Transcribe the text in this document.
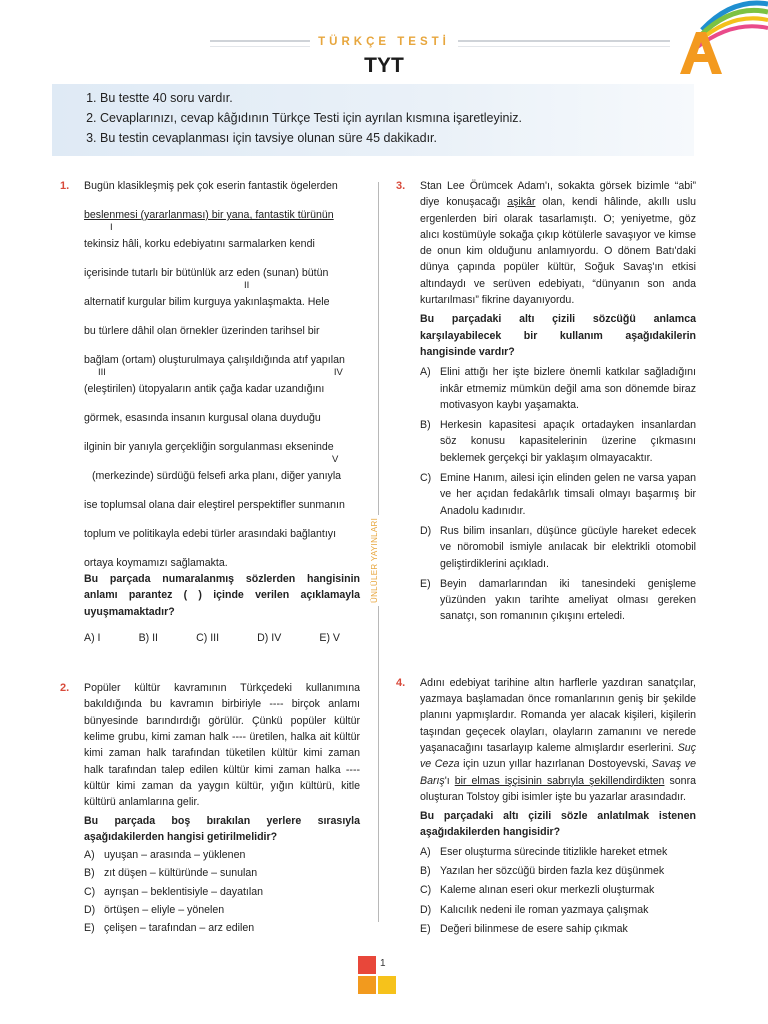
TÜRKÇE TESTİ
TYT
1. Bu testte 40 soru vardır.
2. Cevaplarınızı, cevap kâğıdının Türkçe Testi için ayrılan kısmına işaretleyiniz.
3. Bu testin cevaplanması için tavsiye olunan süre 45 dakikadır.
ÜNLÜLER YAYINLARI
1. Bugün klasikleşmiş pek çok eserin fantastik ögelerden
beslenmesi (yararlanması) bir yana, fantastik türünün
I
tekinsiz hâli, korku edebiyatını sarmalarken kendi
içerisinde tutarlı bir bütünlük arz eden (sunan) bütün
II
alternatif kurgular bilim kurguya yakınlaşmakta. Hele
bu türlere dâhil olan örnekler üzerinden tarihsel bir
bağlam (ortam) oluşturulmaya çalışıldığında atıf yapılan
III	IV
(eleştirilen) ütopyaların antik çağa kadar uzandığını
görmek, esasında insanın kurgusal olana duyduğu
ilginin bir yanıyla gerçekliğin sorgulanması ekseninde
V
(merkezinde) sürdüğü felsefi arka planı, diğer yanıyla
ise toplumsal olana dair eleştirel perspektifler sunmanın
toplum ve politikayla edebi türler arasındaki bağlantıyı
ortaya koymamızı sağlamakta.
Bu parçada numaralanmış sözlerden hangisinin anlamı parantez ( ) içinde verilen açıklamayla uyuşmamaktadır?
A) I	B) II	C) III	D) IV	E) V
2. Popüler kültür kavramının Türkçedeki kullanımına bakıldığında bu kavramın birbiriyle ---- birçok anlamı bünyesinde barındırdığı görülür. Çünkü popüler kültür kelime grubu, kimi zaman halk ---- üretilen, halka ait kültür kimi zaman halk tarafından tüketilen kültür kimi zaman halk tarafından talep edilen kültür kimi zaman halka ---- kültür kimi zaman da yaygın kültür, yığın kültürü, kitle kültürü anlamlarına gelir.
Bu parçada boş bırakılan yerlere sırasıyla aşağıdakilerden hangisi getirilmelidir?
A) uyuşan – arasında – yüklenen
B) zıt düşen – kültüründe – sunulan
C) ayrışan – beklentisiyle – dayatılan
D) örtüşen – eliyle – yönelen
E) çelişen – tarafından – arz edilen
3. Stan Lee Örümcek Adam'ı, sokakta görsek bizimle “abi” diye konuşacağı aşikâr olan, kendi hâlinde, akıllı uslu ergenlerden biri olarak tasarlamıştı. O; yeniyetme, göz alıcı kostümüyle sokağa çıkıp kötülerle savaşıyor ve kimse de onun kim olduğunu anlamıyordu. O dönem Batı'daki dünya çapında popüler kültür, Soğuk Savaş'ın etkisi altındaydı ve serüven edebiyatı, “dünyanın son anda kurtarılması” fikrine dayanıyordu.
Bu parçadaki altı çizili sözcüğü anlamca karşılayabilecek bir kullanım aşağıdakilerin hangisinde vardır?
A) Elini attığı her işte bizlere önemli katkılar sağladığını inkâr etmemiz mümkün değil ama son dönemde biraz motivasyon kaybı yaşamakta.
B) Herkesin kapasitesi apaçık ortadayken insanlardan söz konusu kapasitelerinin üzerine çıkmasını beklemek gerçekçi bir yaklaşım olmayacaktır.
C) Emine Hanım, ailesi için elinden gelen ne varsa yapan ve her açıdan fedakârlık timsali olmayı başarmış bir Anadolu kadınıdır.
D) Rus bilim insanları, düşünce gücüyle hareket edecek ve nöromobil ismiyle anılacak bir elektrikli otomobil geliştirdiklerini açıkladı.
E) Beyin damarlarından iki tanesindeki genişleme yüzünden yakın tarihte ameliyat olması gereken sanatçı, son romanının çıkışını erteledi.
4. Adını edebiyat tarihine altın harflerle yazdıran sanatçılar, yazmaya başlamadan önce romanlarının geniş bir şekilde planını yapmışlardır. Romanda yer alacak kişileri, kişilerin taşından geçecek olayları, olayların zamanını ve nerede yaşanacağını tasarlayıp kaleme almışlardır eserlerini. Suç ve Ceza için uzun yıllar hazırlanan Dostoyevski, Savaş ve Barış'ı bir elmas işçisinin sabrıyla şekillendirdikten sonra oluşturan Tolstoy gibi isimler işte bu yazarlar arasındadır.
Bu parçadaki altı çizili sözle anlatılmak istenen aşağıdakilerden hangisidir?
A) Eser oluşturma sürecinde titizlikle hareket etmek
B) Yazılan her sözcüğü birden fazla kez düşünmek
C) Kaleme alınan eseri okur merkezli oluşturmak
D) Kalıcılık nedeni ile roman yazmaya çalışmak
E) Değeri bilinmese de esere sahip çıkmak
1
